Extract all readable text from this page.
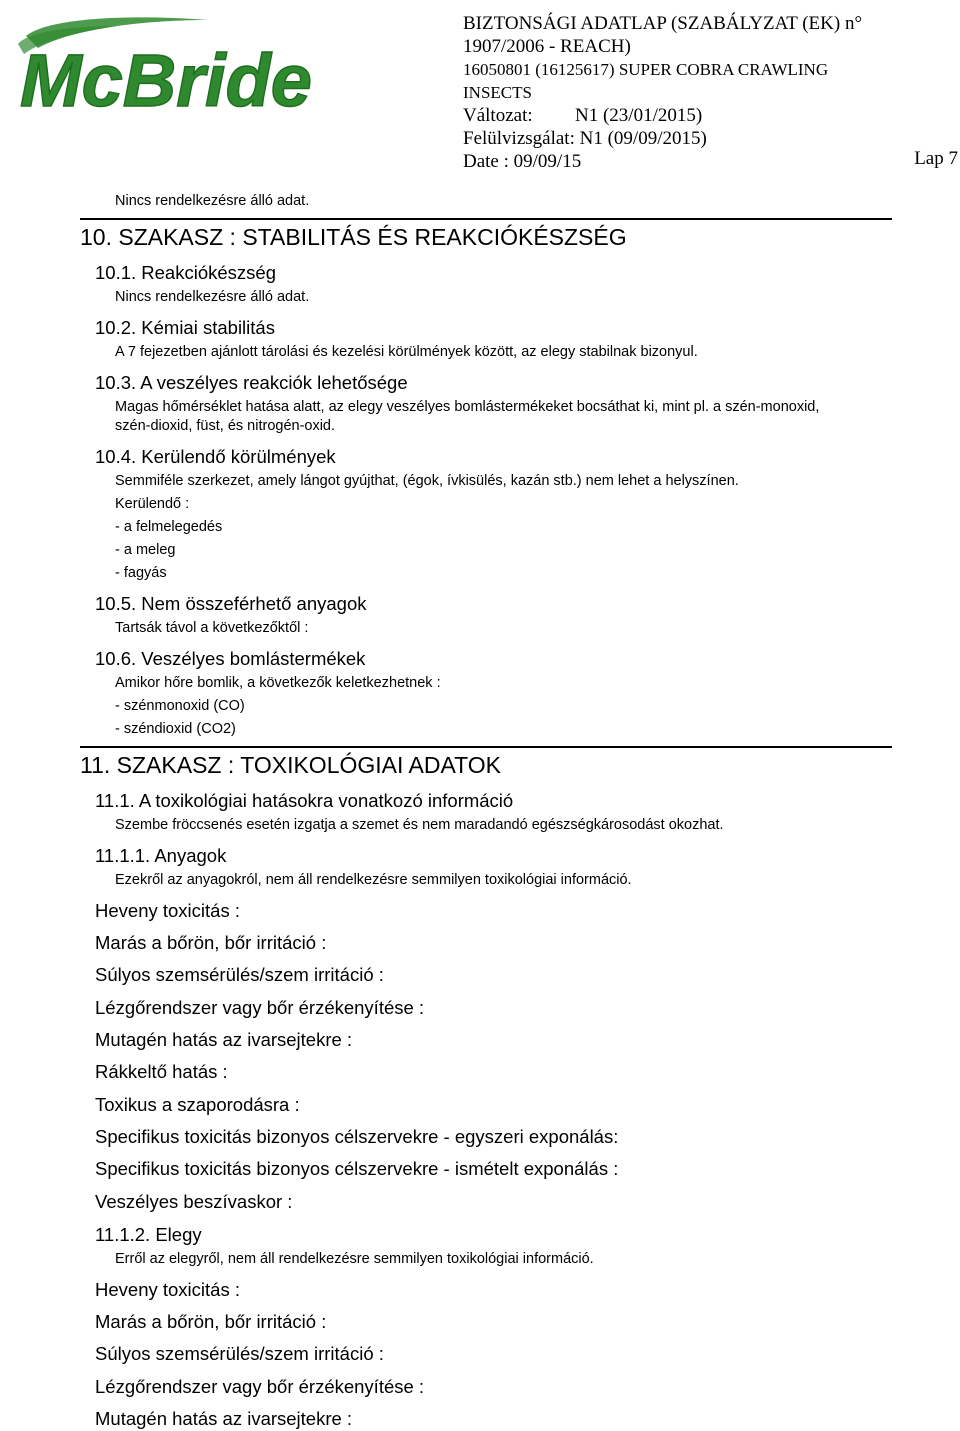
McBride
BIZTONSÁGI ADATLAP (SZABÁLYZAT (EK) n°
1907/2006 - REACH)
16050801 (16125617) SUPER COBRA CRAWLING
INSECTS
Változat:	N1 (23/01/2015)
Felülvizsgálat: N1 (09/09/2015)
Date : 09/09/15	Lap 7
Nincs rendelkezésre álló adat.
10. SZAKASZ : STABILITÁS ÉS REAKCIÓKÉSZSÉG
10.1. Reakciókészség
Nincs rendelkezésre álló adat.
10.2. Kémiai stabilitás
A 7 fejezetben ajánlott tárolási és kezelési körülmények között, az elegy stabilnak bizonyul.
10.3. A veszélyes reakciók lehetősége
Magas hőmérséklet hatása alatt, az elegy veszélyes bomlástermékeket bocsáthat ki, mint pl. a szén-monoxid,
szén-dioxid, füst, és nitrogén-oxid.
10.4. Kerülendő körülmények
Semmiféle szerkezet, amely lángot gyújthat, (égok, ívkisülés, kazán stb.) nem lehet a helyszínen.
Kerülendő :
- a felmelegedés
- a meleg
- fagyás
10.5. Nem összeférhető anyagok
Tartsák távol a következőktől :
10.6. Veszélyes bomlástermékek
Amikor hőre bomlik, a következők keletkezhetnek :
- szénmonoxid (CO)
- széndioxid (CO2)
11. SZAKASZ : TOXIKOLÓGIAI ADATOK
11.1. A toxikológiai hatásokra vonatkozó információ
Szembe fröccsenés esetén izgatja a szemet és nem maradandó egészségkárosodást okozhat.
11.1.1. Anyagok
Ezekről az anyagokról, nem áll rendelkezésre semmilyen toxikológiai információ.
Heveny toxicitás :
Marás a bőrön, bőr irritáció :
Súlyos szemsérülés/szem irritáció :
Lézgőrendszer vagy bőr érzékenyítése :
Mutagén hatás az ivarsejtekre :
Rákkeltő hatás :
Toxikus a szaporodásra :
Specifikus toxicitás bizonyos célszervekre - egyszeri exponálás:
Specifikus toxicitás bizonyos célszervekre - ismételt exponálás :
Veszélyes beszívaskor :
11.1.2. Elegy
Erről az elegyről, nem áll rendelkezésre semmilyen toxikológiai információ.
Heveny toxicitás :
Marás a bőrön, bőr irritáció :
Súlyos szemsérülés/szem irritáció :
Lézgőrendszer vagy bőr érzékenyítése :
Mutagén hatás az ivarsejtekre :
